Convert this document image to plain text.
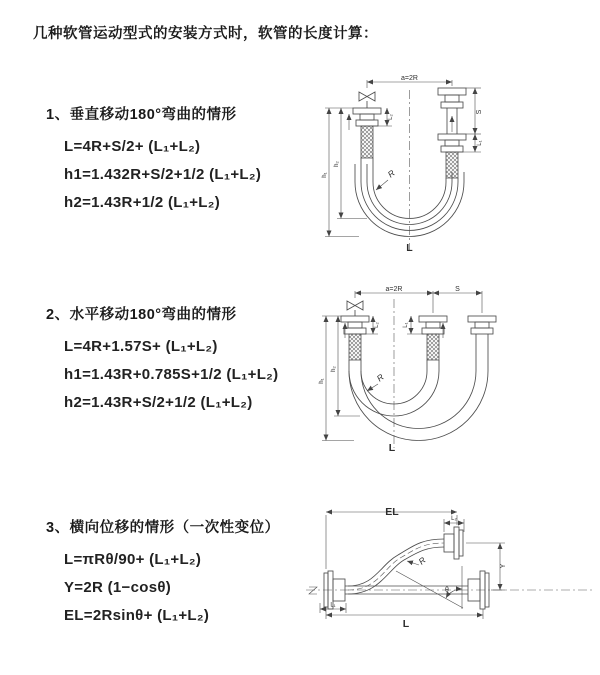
几种软管运动型式的安装方式时，软管的长度计算：
1、垂直移动180°弯曲的情形
L=4R+S/2+ (L₁+L₂)
h1=1.432R+S/2+1/2 (L₁+L₂)
h2=1.43R+1/2 (L₁+L₂)
2、水平移动180°弯曲的情形
L=4R+1.57S+ (L₁+L₂)
h1=1.43R+0.785S+1/2 (L₁+L₂)
h2=1.43R+S/2+1/2 (L₁+L₂)
3、横向位移的情形（一次性变位）
L=πRθ/90+ (L₁+L₂)
Y=2R (1−cosθ)
EL=2Rsinθ+ (L₁+L₂)
a=2R
S
L₁
h₁
h₂
L₂
R
L
a=2R	S
h₁
h₂
L₂	L₁
R
L
EL
L₂
Y
L
L₁
R
θ
